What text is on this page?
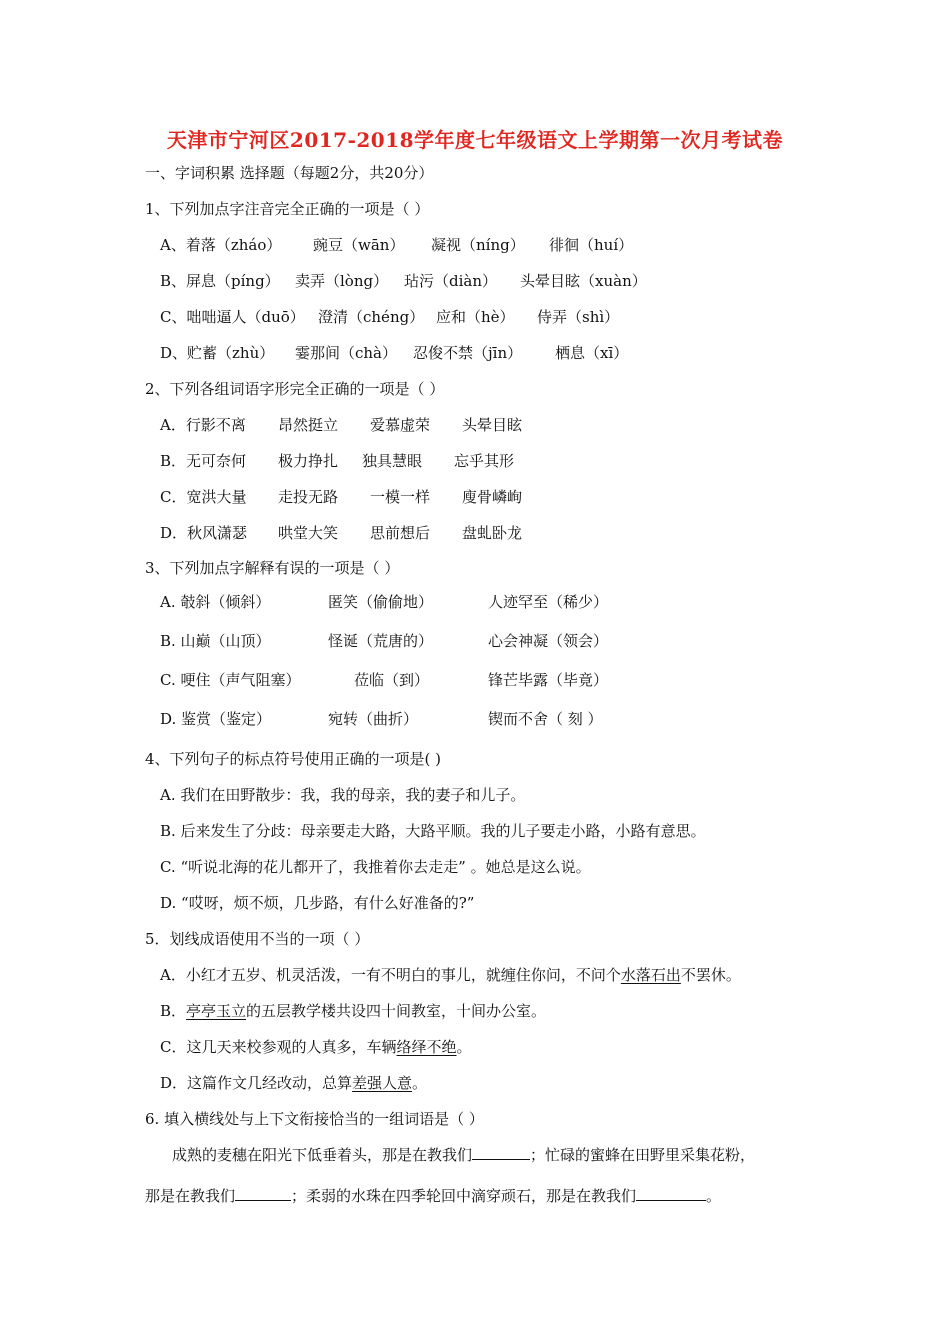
天津市宁河区2017-2018学年度七年级语文上学期第一次月考试卷
一、字词积累 选择题（每题2分，共20分）
1、下列加点字注音完全正确的一项是（ ）
A、着落（zháo）	豌豆（wān）	凝视（níng）	徘徊（huí）
B、屏息（píng）	卖弄（lòng）	玷污（diàn）	头晕目眩（xuàn）
C、咄咄逼人（duō） 澄清（chéng） 应和（hè）	侍弄（shì）
D、贮蓄（zhù）	霎那间（chà）	忍俊不禁（jīn）	栖息（xī）
2、下列各组词语字形完全正确的一项是（ ）
A．行影不离	昂然挺立	爱慕虚荣	头晕目眩
B．无可奈何	极力挣扎	独具慧眼	忘乎其形
C．宽洪大量	走投无路	一模一样	廋骨嶙峋
D．秋风潇瑟	哄堂大笑	思前想后	盘虬卧龙
3、下列加点字解释有误的一项是（ ）
A. 攲斜（倾斜）	匿笑（偷偷地）	人迹罕至（稀少）
B. 山巅（山顶）	怪诞（荒唐的）	心会神凝（领会）
C. 哽住（声气阻塞）	莅临（到）	锋芒毕露（毕竟）
D. 鉴赏（鉴定）	宛转（曲折）	锲而不舍（ 刻 ）
4、下列句子的标点符号使用正确的一项是( )
A. 我们在田野散步：我，我的母亲，我的妻子和儿子。
B. 后来发生了分歧：母亲要走大路，大路平顺。我的儿子要走小路，小路有意思。
C. “听说北海的花儿都开了，我推着你去走走” 。她总是这么说。
D. “哎呀，烦不烦，几步路，有什么好准备的?”
5．划线成语使用不当的一项（ ）
A．小红才五岁、机灵活泼，一有不明白的事儿，就缠住你问，不问个水落石出不罢休。
B．亭亭玉立的五层教学楼共设四十间教室，十间办公室。
C．这几天来校参观的人真多，车辆络绎不绝。
D．这篇作文几经改动，总算差强人意。
6. 填入横线处与上下文衔接恰当的一组词语是（ ）
成熟的麦穗在阳光下低垂着头，那是在教我们	；忙碌的蜜蜂在田野里采集花粉，
那是在教我们	；柔弱的水珠在四季轮回中滴穿顽石，那是在教我们	。
